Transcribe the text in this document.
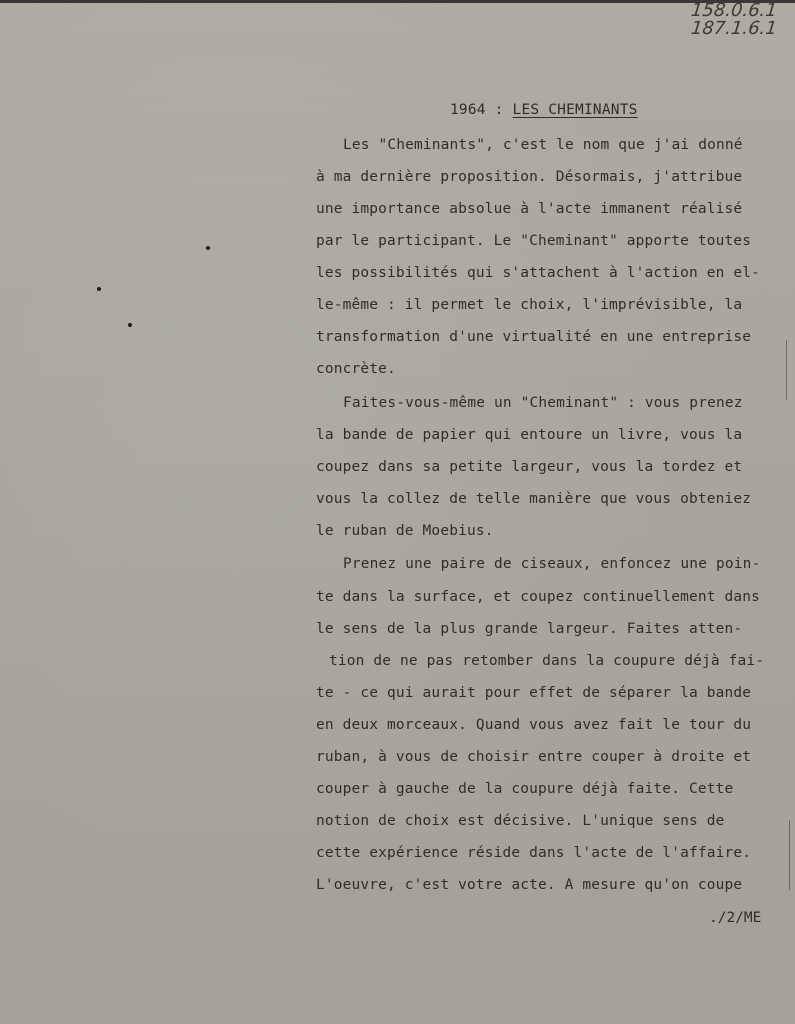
158.0.6.1
187.1.6.1
1964 : LES CHEMINANTS
Les "Cheminants", c'est le nom que j'ai donné
à ma dernière proposition. Désormais, j'attribue
une importance absolue à l'acte immanent réalisé
par le participant. Le "Cheminant" apporte toutes
les possibilités qui s'attachent à l'action en el-
le-même : il permet le choix, l'imprévisible, la
transformation d'une virtualité en une entreprise
concrète.
Faites-vous-même un "Cheminant" : vous prenez
la bande de papier qui entoure un livre, vous la
coupez dans sa petite largeur, vous la tordez et
vous la collez de telle manière que vous obteniez
le ruban de Moebius.
Prenez une paire de ciseaux, enfoncez une poin-
te dans la surface, et coupez continuellement dans
le sens de la plus grande largeur. Faites atten-
tion de ne pas retomber dans la coupure déjà fai-
te - ce qui aurait pour effet de séparer la bande
en deux morceaux. Quand vous avez fait le tour du
ruban, à vous de choisir entre couper à droite et
couper à gauche de la coupure déjà faite. Cette
notion de choix est décisive. L'unique sens de
cette expérience réside dans l'acte de l'affaire.
L'oeuvre, c'est votre acte. A mesure qu'on coupe
./2/ME
